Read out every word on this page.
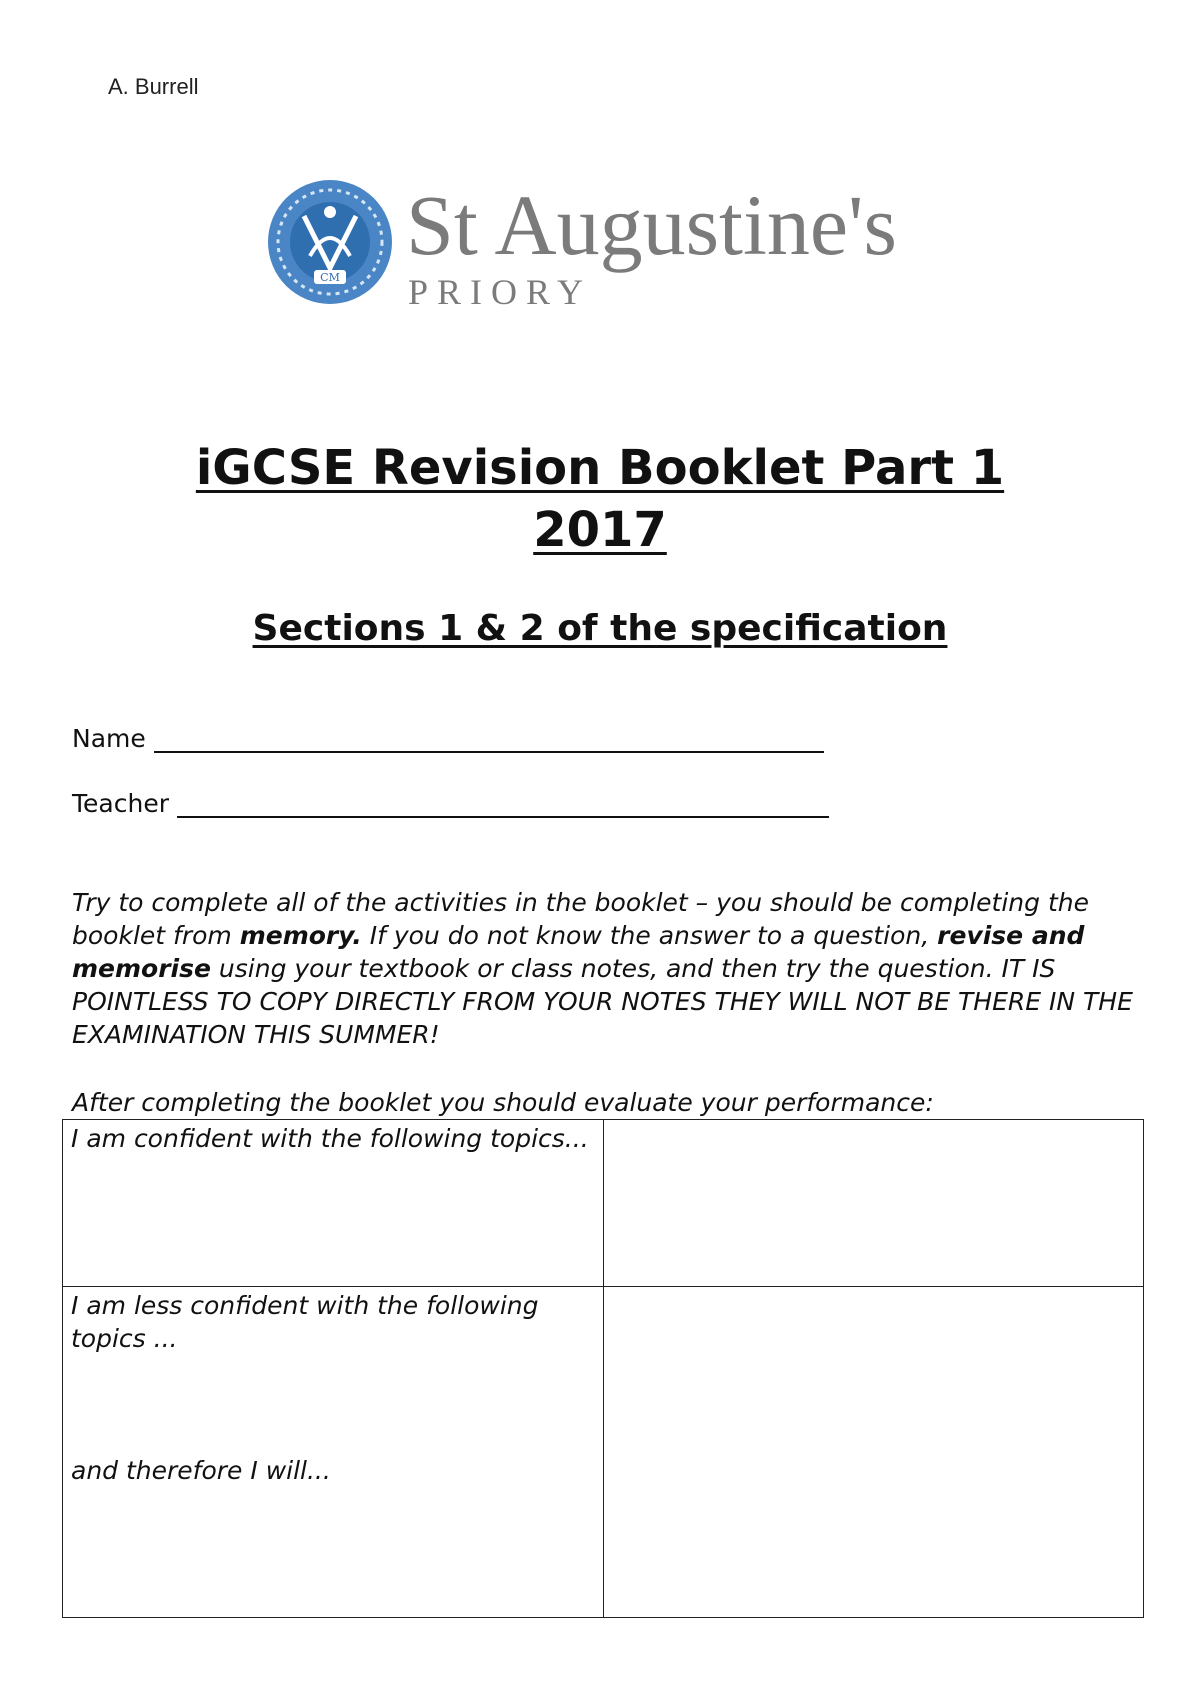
A. Burrell
CM
St Augustine's
PRIORY
iGCSE Revision Booklet Part 1
2017
Sections 1 & 2 of the specification
Name
Teacher
Try to complete all of the activities in the booklet – you should be completing the booklet from memory. If you do not know the answer to a question, revise and memorise using your textbook or class notes, and then try the question. IT IS POINTLESS TO COPY DIRECTLY FROM YOUR NOTES THEY WILL NOT BE THERE IN THE EXAMINATION THIS SUMMER!
After completing the booklet you should evaluate your performance:
I am confident with the following topics...	

I am less confident with the following topics ...
and therefore I will...	
